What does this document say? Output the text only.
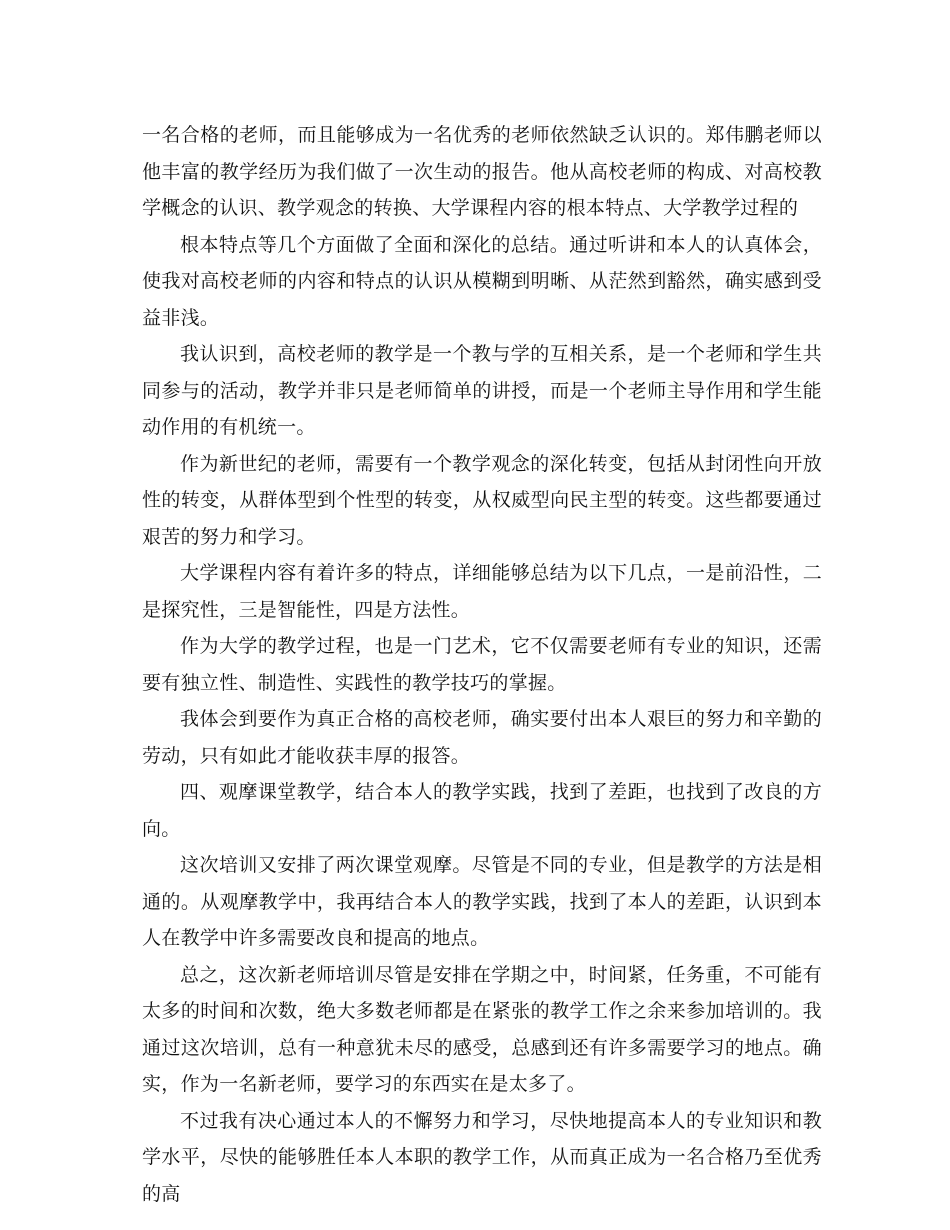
一名合格的老师，而且能够成为一名优秀的老师依然缺乏认识的。郑伟鹏老师以他丰富的教学经历为我们做了一次生动的报告。他从高校老师的构成、对高校教学概念的认识、教学观念的转换、大学课程内容的根本特点、大学教学过程的

根本特点等几个方面做了全面和深化的总结。通过听讲和本人的认真体会，使我对高校老师的内容和特点的认识从模糊到明晰、从茫然到豁然，确实感到受益非浅。

我认识到，高校老师的教学是一个教与学的互相关系，是一个老师和学生共同参与的活动，教学并非只是老师简单的讲授，而是一个老师主导作用和学生能动作用的有机统一。

作为新世纪的老师，需要有一个教学观念的深化转变，包括从封闭性向开放性的转变，从群体型到个性型的转变，从权威型向民主型的转变。这些都要通过艰苦的努力和学习。

大学课程内容有着许多的特点，详细能够总结为以下几点，一是前沿性，二是探究性，三是智能性，四是方法性。

作为大学的教学过程，也是一门艺术，它不仅需要老师有专业的知识，还需要有独立性、制造性、实践性的教学技巧的掌握。

我体会到要作为真正合格的高校老师，确实要付出本人艰巨的努力和辛勤的劳动，只有如此才能收获丰厚的报答。

四、观摩课堂教学，结合本人的教学实践，找到了差距，也找到了改良的方向。

这次培训又安排了两次课堂观摩。尽管是不同的专业，但是教学的方法是相通的。从观摩教学中，我再结合本人的教学实践，找到了本人的差距，认识到本人在教学中许多需要改良和提高的地点。

总之，这次新老师培训尽管是安排在学期之中，时间紧，任务重，不可能有太多的时间和次数，绝大多数老师都是在紧张的教学工作之余来参加培训的。我通过这次培训，总有一种意犹未尽的感受，总感到还有许多需要学习的地点。确实，作为一名新老师，要学习的东西实在是太多了。

不过我有决心通过本人的不懈努力和学习，尽快地提高本人的专业知识和教学水平，尽快的能够胜任本人本职的教学工作，从而真正成为一名合格乃至优秀的高
